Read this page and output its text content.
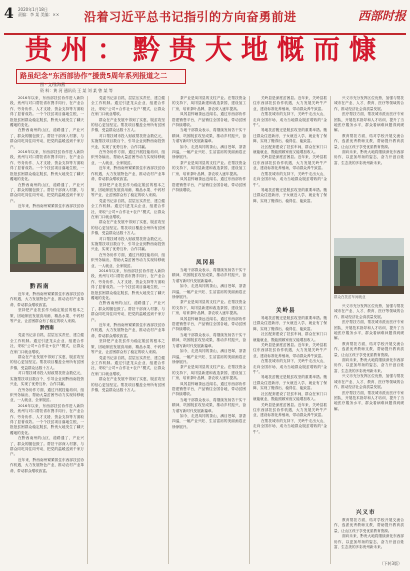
4 2020年1月18日
责编：李 某 美编：××	沿着习近平总书记指引的方向奋勇前进	西部时报
贵州：黔贵大地慨而慷
路虽纪念“东西部协作”援贵5周年系列报道之二
图 · 文/张海燕
资 料：黄 河 通讯员 王 某 刘 某 曾 某 等

2016年以来，东西部扶贫协作进入新阶段，贵州与对口帮扶省市携手同行，在产业合作、劳务协作、人才支援、资金支持等方面取得了显著成效。一个个扶贫项目落地生根，一批批贫困群众稳定脱贫，黔贵大地发生了翻天覆地的变化。

在黔西南州的山区，道路通了，产业兴了，群众的腰包鼓了。帮扶干部深入村寨，与群众同吃同住同劳动，把党的温暖送到千家万户。

2016年以来，东西部扶贫协作进入新阶段，贵州与对口帮扶省市携手同行，在产业合作、劳务协作、人才支援、资金支持等方面取得了显著成效。一个个扶贫项目落地生根，一批批贫困群众稳定脱贫，黔贵大地发生了翻天覆地的变化。

在黔西南州的山区，道路通了，产业兴了，群众的腰包鼓了。帮扶干部深入村寨，与群众同吃同住同劳动，把党的温暖送到千家万户。

近年来，黔西南州紧紧抓住东西部扶贫协

黔西南

近年来，黔西南州紧紧抓住东西部扶贫协作机遇，大力发展特色产业，推动农村产业革命，带动群众增收致富。

坚持把产业扶贫作为稳定脱贫的根本之策，因地制宜发展食用菌、精品水果、中药材等产业，让贫困群众有了稳定的收入来源。

黔西南

党委书记亲自抓，层层压实责任，建立健全工作机制。通过引进龙头企业、组建合作社，采取“公司+合作社+农户”模式，让群众在家门口就业增收。

群众在产业发展中得到了实惠，脱贫攻坚的信心更加坚定。帮扶项目覆盖全州所有贫困乡镇，受益群众达数十万人。

对口帮扶城市投入财政帮扶资金数亿元，实施帮扶项目数百个，引导企业到黔西南投资兴业，实现了优势互补、合作共赢。

在劳务协作方面，通过开展技能培训、组织劳务输出，帮助大量贫困劳动力实现转移就业，一人就业、全家脱贫。

2016年以来，东西部扶贫协作进入新阶段，贵州与对口帮扶省市携手同行，在产业合作、劳务协作、人才支援、资金支持等方面取得了显著成效。一个个扶贫项目落地生根，一批批贫困群众稳定脱贫，黔贵大地发生了翻天覆地的变化。

在黔西南州的山区，道路通了，产业兴了，群众的腰包鼓了。帮扶干部深入村寨，与群众同吃同住同劳动，把党的温暖送到千家万户。

近年来，黔西南州紧紧抓住东西部扶贫协作机遇，大力发展特色产业，推动农村产业革命，带动群众增收致富。

党委书记亲自抓，层层压实责任，建立健全工作机制。通过引进龙头企业、组建合作社，采取“公司+合作社+农户”模式，让群众在家门口就业增收。

群众在产业发展中得到了实惠，脱贫攻坚的信心更加坚定。帮扶项目覆盖全州所有贫困乡镇，受益群众达数十万人。

对口帮扶城市投入财政帮扶资金数亿元，实施帮扶项目数百个，引导企业到黔西南投资兴业，实现了优势互补、合作共赢。

在劳务协作方面，通过开展技能培训、组织劳务输出，帮助大量贫困劳动力实现转移就业，一人就业、全家脱贫。

近年来，黔西南州紧紧抓住东西部扶贫协作机遇，大力发展特色产业，推动农村产业革命，带动群众增收致富。

坚持把产业扶贫作为稳定脱贫的根本之策，因地制宜发展食用菌、精品水果、中药材等产业，让贫困群众有了稳定的收入来源。

党委书记亲自抓，层层压实责任，建立健全工作机制。通过引进龙头企业、组建合作社，采取“公司+合作社+农户”模式，让群众在家门口就业增收。

群众在产业发展中得到了实惠，脱贫攻坚的信心更加坚定。帮扶项目覆盖全州所有贫困乡镇，受益群众达数十万人。

对口帮扶城市投入财政帮扶资金数亿元，实施帮扶项目数百个，引导企业到黔西南投资兴业，实现了优势互补、合作共赢。

在劳务协作方面，通过开展技能培训、组织劳务输出，帮助大量贫困劳动力实现转移就业，一人就业、全家脱贫。

2016年以来，东西部扶贫协作进入新阶段，贵州与对口帮扶省市携手同行，在产业合作、劳务协作、人才支援、资金支持等方面取得了显著成效。一个个扶贫项目落地生根，一批批贫困群众稳定脱贫，黔贵大地发生了翻天覆地的变化。

在黔西南州的山区，道路通了，产业兴了，群众的腰包鼓了。帮扶干部深入村寨，与群众同吃同住同劳动，把党的温暖送到千家万户。

近年来，黔西南州紧紧抓住东西部扶贫协作机遇，大力发展特色产业，推动农村产业革命，带动群众增收致富。

坚持把产业扶贫作为稳定脱贫的根本之策，因地制宜发展食用菌、精品水果、中药材等产业，让贫困群众有了稳定的收入来源。

党委书记亲自抓，层层压实责任，建立健全工作机制。通过引进龙头企业、组建合作社，采取“公司+合作社+农户”模式，让群众在家门口就业增收。

群众在产业发展中得到了实惠，脱贫攻坚的信心更加坚定。帮扶项目覆盖全州所有贫困乡镇，受益群众达数十万人。

茶产业是凤冈县的支柱产业。在帮扶资金的支持下，凤冈县新建和改造茶园，建设加工厂房，培育茶叶品牌，茶农收入逐年提高。

凤冈县锌硒茶远近闻名，通过东西部协作搭建销售平台，产品销往全国各地，带动贫困户持续增收。

当地干部群众表示，将继续发扬苦干实干精神，巩固脱贫攻坚成果，推动乡村振兴，奋力谱写新时代发展新篇章。

如今，走进凤冈的茶山，满目苍翠，茶香四溢，一幅产业兴旺、生活富裕的美丽画卷正徐徐展开。

茶产业是凤冈县的支柱产业。在帮扶资金的支持下，凤冈县新建和改造茶园，建设加工厂房，培育茶叶品牌，茶农收入逐年提高。

凤冈县锌硒茶远近闻名，通过东西部协作搭建销售平台，产品销往全国各地，带动贫困户持续增收。

凤冈县

当地干部群众表示，将继续发扬苦干实干精神，巩固脱贫攻坚成果，推动乡村振兴，奋力谱写新时代发展新篇章。

如今，走进凤冈的茶山，满目苍翠，茶香四溢，一幅产业兴旺、生活富裕的美丽画卷正徐徐展开。

茶产业是凤冈县的支柱产业。在帮扶资金的支持下，凤冈县新建和改造茶园，建设加工厂房，培育茶叶品牌，茶农收入逐年提高。

凤冈县锌硒茶远近闻名，通过东西部协作搭建销售平台，产品销往全国各地，带动贫困户持续增收。

当地干部群众表示，将继续发扬苦干实干精神，巩固脱贫攻坚成果，推动乡村振兴，奋力谱写新时代发展新篇章。

如今，走进凤冈的茶山，满目苍翠，茶香四溢，一幅产业兴旺、生活富裕的美丽画卷正徐徐展开。

茶产业是凤冈县的支柱产业。在帮扶资金的支持下，凤冈县新建和改造茶园，建设加工厂房，培育茶叶品牌，茶农收入逐年提高。

凤冈县锌硒茶远近闻名，通过东西部协作搭建销售平台，产品销往全国各地，带动贫困户持续增收。

当地干部群众表示，将继续发扬苦干实干精神，巩固脱贫攻坚成果，推动乡村振兴，奋力谱写新时代发展新篇章。

如今，走进凤冈的茶山，满目苍翠，茶香四溢，一幅产业兴旺、生活富裕的美丽画卷正徐徐展开。

关岭县是深度贫困县。近年来，关岭县抓住东西部扶贫协作机遇，大力发展关岭牛产业，建设标准化养殖场，带动群众养牛致富。

在帮扶城市的支持下，关岭牛走出大山，走向全国市场，成为当地群众脱贫增收的“金牛”。

易地扶贫搬迁是脱贫攻坚的重要举措。搬迁群众住进新房，子女就近入学，就业有了保障，实现了搬得出、稳得住、能致富。

社区配套建设了扶贫车间，群众在家门口就能就业，既能照顾家庭又能增加收入。

关岭县是深度贫困县。近年来，关岭县抓住东西部扶贫协作机遇，大力发展关岭牛产业，建设标准化养殖场，带动群众养牛致富。

在帮扶城市的支持下，关岭牛走出大山，走向全国市场，成为当地群众脱贫增收的“金牛”。

易地扶贫搬迁是脱贫攻坚的重要举措。搬迁群众住进新房，子女就近入学，就业有了保障，实现了搬得出、稳得住、能致富。

关岭县

易地扶贫搬迁是脱贫攻坚的重要举措。搬迁群众住进新房，子女就近入学，就业有了保障，实现了搬得出、稳得住、能致富。

社区配套建设了扶贫车间，群众在家门口就能就业，既能照顾家庭又能增加收入。

关岭县是深度贫困县。近年来，关岭县抓住东西部扶贫协作机遇，大力发展关岭牛产业，建设标准化养殖场，带动群众养牛致富。

在帮扶城市的支持下，关岭牛走出大山，走向全国市场，成为当地群众脱贫增收的“金牛”。

易地扶贫搬迁是脱贫攻坚的重要举措。搬迁群众住进新房，子女就近入学，就业有了保障，实现了搬得出、稳得住、能致富。

社区配套建设了扶贫车间，群众在家门口就能就业，既能照顾家庭又能增加收入。

关岭县是深度贫困县。近年来，关岭县抓住东西部扶贫协作机遇，大力发展关岭牛产业，建设标准化养殖场，带动群众养牛致富。

在帮扶城市的支持下，关岭牛走出大山，走向全国市场，成为当地群众脱贫增收的“金牛”。

兴义市充分发挥区位优势，加强与帮扶城市在产业、人才、教育、医疗等领域的合作，推动经济社会高质量发展。

医疗帮扶方面，帮扶城市派出医疗专家团队，开展技术指导和人才培训，提升了当地医疗服务水平，群众看病难问题得到缓解。

教育帮扶方面，结对学校开展交流合作，选派优秀教师支教，帮助提升教育质量，让山区孩子享受优质教育资源。

面向未来，黔贵大地将继续深化东西部协作，以更加昂扬的姿态，奋力开创百姓富、生态美的多彩贵州新未来。

群众在扶贫车间就业

兴义市充分发挥区位优势，加强与帮扶城市在产业、人才、教育、医疗等领域的合作，推动经济社会高质量发展。

医疗帮扶方面，帮扶城市派出医疗专家团队，开展技术指导和人才培训，提升了当地医疗服务水平，群众看病难问题得到缓解。

教育帮扶方面，结对学校开展交流合作，选派优秀教师支教，帮助提升教育质量，让山区孩子享受优质教育资源。

面向未来，黔贵大地将继续深化东西部协作，以更加昂扬的姿态，奋力开创百姓富、生态美的多彩贵州新未来。

兴义市充分发挥区位优势，加强与帮扶城市在产业、人才、教育、医疗等领域的合作，推动经济社会高质量发展。

医疗帮扶方面，帮扶城市派出医疗专家团队，开展技术指导和人才培训，提升了当地医疗服务水平，群众看病难问题得到缓解。

兴义市

教育帮扶方面，结对学校开展交流合作，选派优秀教师支教，帮助提升教育质量，让山区孩子享受优质教育资源。

面向未来，黔贵大地将继续深化东西部协作，以更加昂扬的姿态，奋力开创百姓富、生态美的多彩贵州新未来。

（下转3版）
